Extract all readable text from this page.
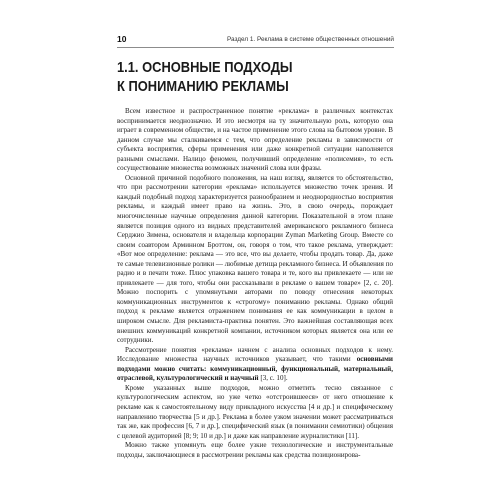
10	Раздел 1. Реклама в системе общественных отношений
1.1. ОСНОВНЫЕ ПОДХОДЫ
К ПОНИМАНИЮ РЕКЛАМЫ

Всем известное и распространенное понятие «реклама» в различных контекстах воспринимается неоднозначно. И это несмотря на ту значительную роль, которую она играет в современном обществе, и на частое применение этого слова на бытовом уровне. В данном случае мы сталкиваемся с тем, что определение рекламы в зависимости от субъекта восприятия, сферы применения или даже конкретной ситуации наполняется разными смыслами. Налицо феномен, получивший определение «полисемия», то есть сосуществование множества возможных значений слова или фразы.

Основной причиной подобного положения, на наш взгляд, является то обстоятельство, что при рассмотрении категории «реклама» используется множество точек зрения. И каждый подобный подход характеризуется разнообразием и неоднородностью восприятия рекламы, и каждый имеет право на жизнь. Это, в свою очередь, порождает многочисленные научные определения данной категории. Показательной в этом плане является позиция одного из видных представителей американского рекламного бизнеса Серджио Зимена, основателя и владельца корпорации Zyman Marketing Group. Вместе со своим соавтором Арминном Броттом, он, говоря о том, что такое реклама, утверждает: «Вот мое определение: реклама — это все, что вы делаете, чтобы продать товар. Да, даже те самые телевизионные ролики — любимые детища рекламного бизнеса. И объявления по радио и в печати тоже. Плюс упаковка вашего товара и те, кого вы привлекаете — или не привлекаете — для того, чтобы они рассказывали в рекламе о вашем товаре» [2, с. 20]. Можно поспорить с упомянутыми авторами по поводу отнесения некоторых коммуникационных инструментов к «строгому» пониманию рекламы. Однако общий подход к рекламе является отражением понимания ее как коммуникации в целом в широком смысле. Для рекламиста-практика понятен. Это важнейшая составляющая всех внешних коммуникаций конкретной компании, источником которых является она или ее сотрудники.

Рассмотрение понятия «реклама» начнем с анализа основных подходов к нему. Исследование множества научных источников указывает, что такими основными подходами можно считать: коммуникационный, функциональный, материальный, отраслевой, культурологический и научный [3, с. 10].

Кроме указанных выше подходов, можно отметить тесно связанное с культурологическим аспектом, но уже четко «отстроившееся» от него отношение к рекламе как к самостоятельному виду прикладного искусства [4 и др.] и специфическому направлению творчества [5 и др.]. Реклама в более узком значении может рассматриваться так же, как профессия [6, 7 и др.], специфический язык (в понимании семиотики) общения с целевой аудиторией [8; 9; 10 и др.] и даже как направление журналистики [11].

Можно также упомянуть еще более узкие технологические и инструментальные подходы, заключающиеся в рассмотрении рекламы как средства позиционирова-
